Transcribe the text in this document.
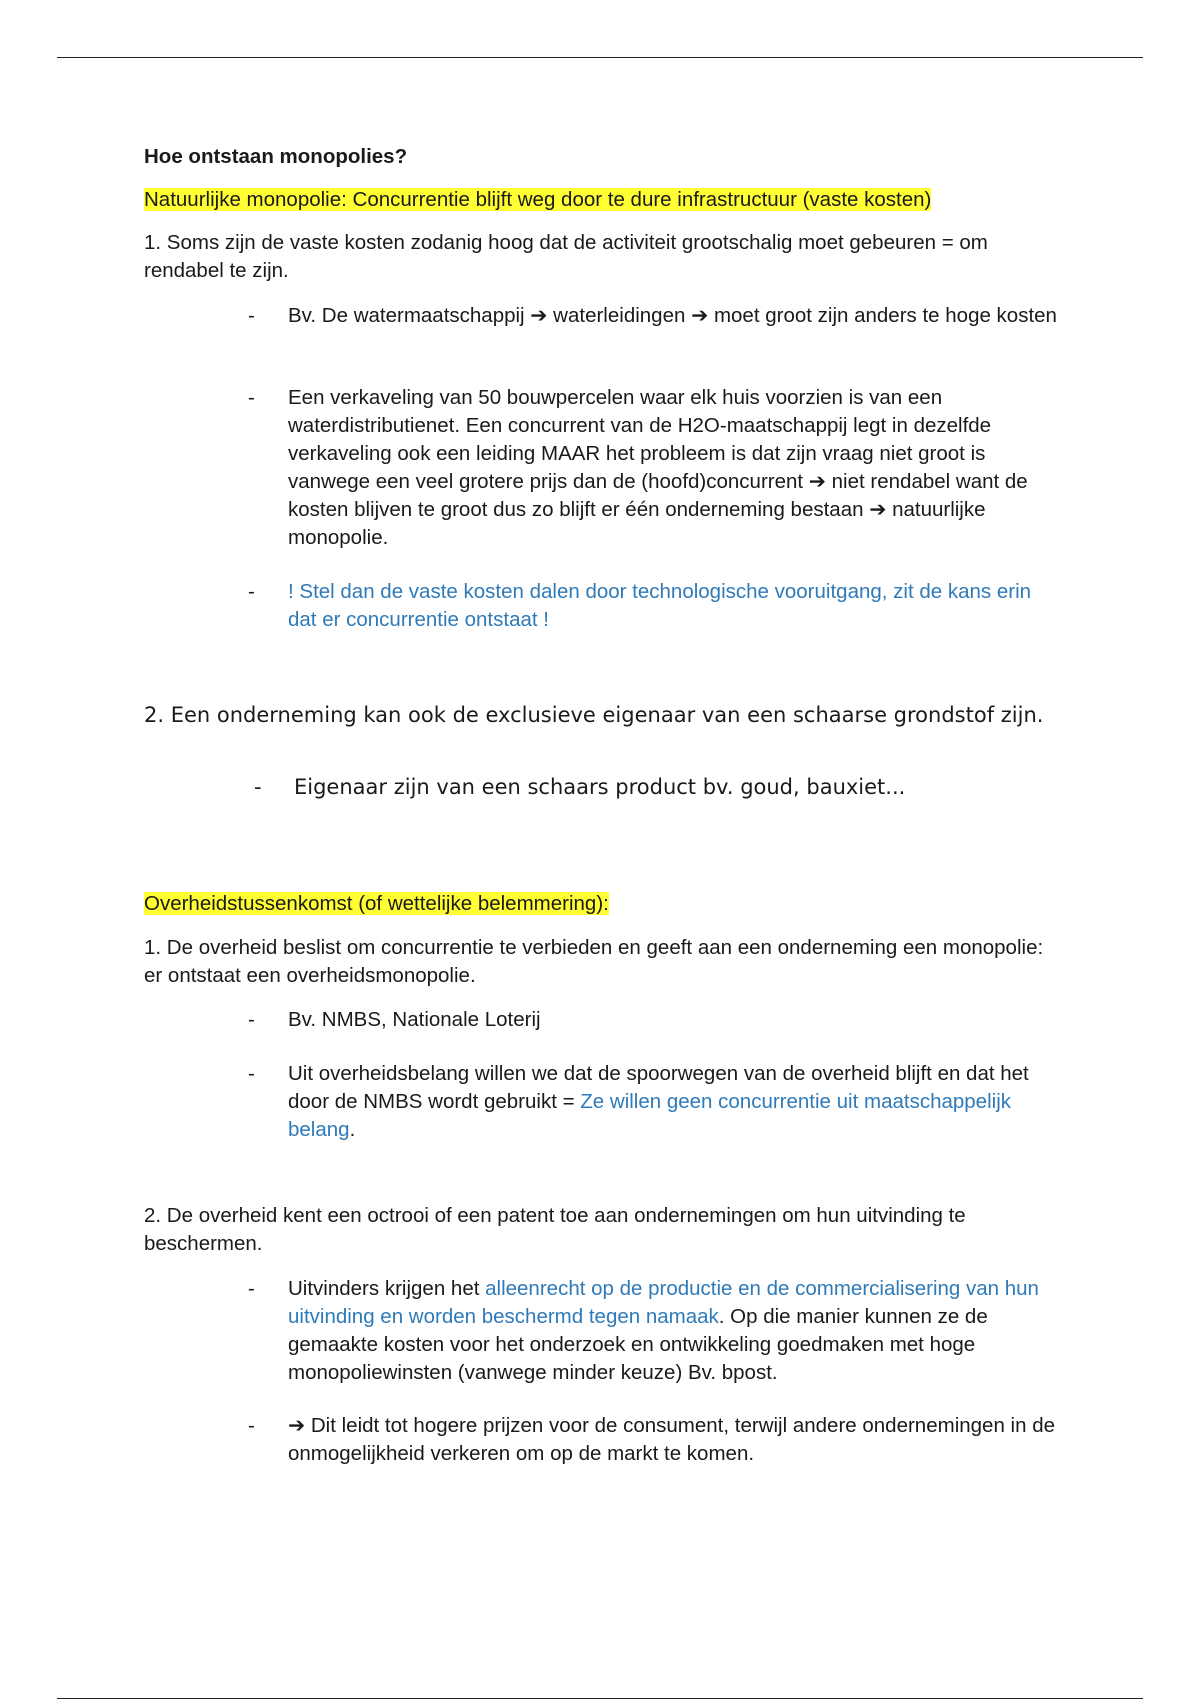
Hoe ontstaan monopolies?

Natuurlijke monopolie: Concurrentie blijft weg door te dure infrastructuur (vaste kosten)

1. Soms zijn de vaste kosten zodanig hoog dat de activiteit grootschalig moet gebeuren = om rendabel te zijn.

- Bv. De watermaatschappij ➔ waterleidingen ➔ moet groot zijn anders te hoge kosten
- Een verkaveling van 50 bouwpercelen waar elk huis voorzien is van een waterdistributienet. Een concurrent van de H2O-maatschappij legt in dezelfde verkaveling ook een leiding MAAR het probleem is dat zijn vraag niet groot is vanwege een veel grotere prijs dan de (hoofd)concurrent ➔ niet rendabel want de kosten blijven te groot dus zo blijft er één onderneming bestaan ➔ natuurlijke monopolie.
- ! Stel dan de vaste kosten dalen door technologische vooruitgang, zit de kans erin dat er concurrentie ontstaat !

2. Een onderneming kan ook de exclusieve eigenaar van een schaarse grondstof zijn.

- Eigenaar zijn van een schaars product bv. goud, bauxiet...

Overheidstussenkomst (of wettelijke belemmering):

1. De overheid beslist om concurrentie te verbieden en geeft aan een onderneming een monopolie: er ontstaat een overheidsmonopolie.

- Bv. NMBS, Nationale Loterij
- Uit overheidsbelang willen we dat de spoorwegen van de overheid blijft en dat het door de NMBS wordt gebruikt = Ze willen geen concurrentie uit maatschappelijk belang.

2. De overheid kent een octrooi of een patent toe aan ondernemingen om hun uitvinding te beschermen.

- Uitvinders krijgen het alleenrecht op de productie en de commercialisering van hun uitvinding en worden beschermd tegen namaak. Op die manier kunnen ze de gemaakte kosten voor het onderzoek en ontwikkeling goedmaken met hoge monopoliewinsten (vanwege minder keuze) Bv. bpost.
- ➔ Dit leidt tot hogere prijzen voor de consument, terwijl andere ondernemingen in de onmogelijkheid verkeren om op de markt te komen.
